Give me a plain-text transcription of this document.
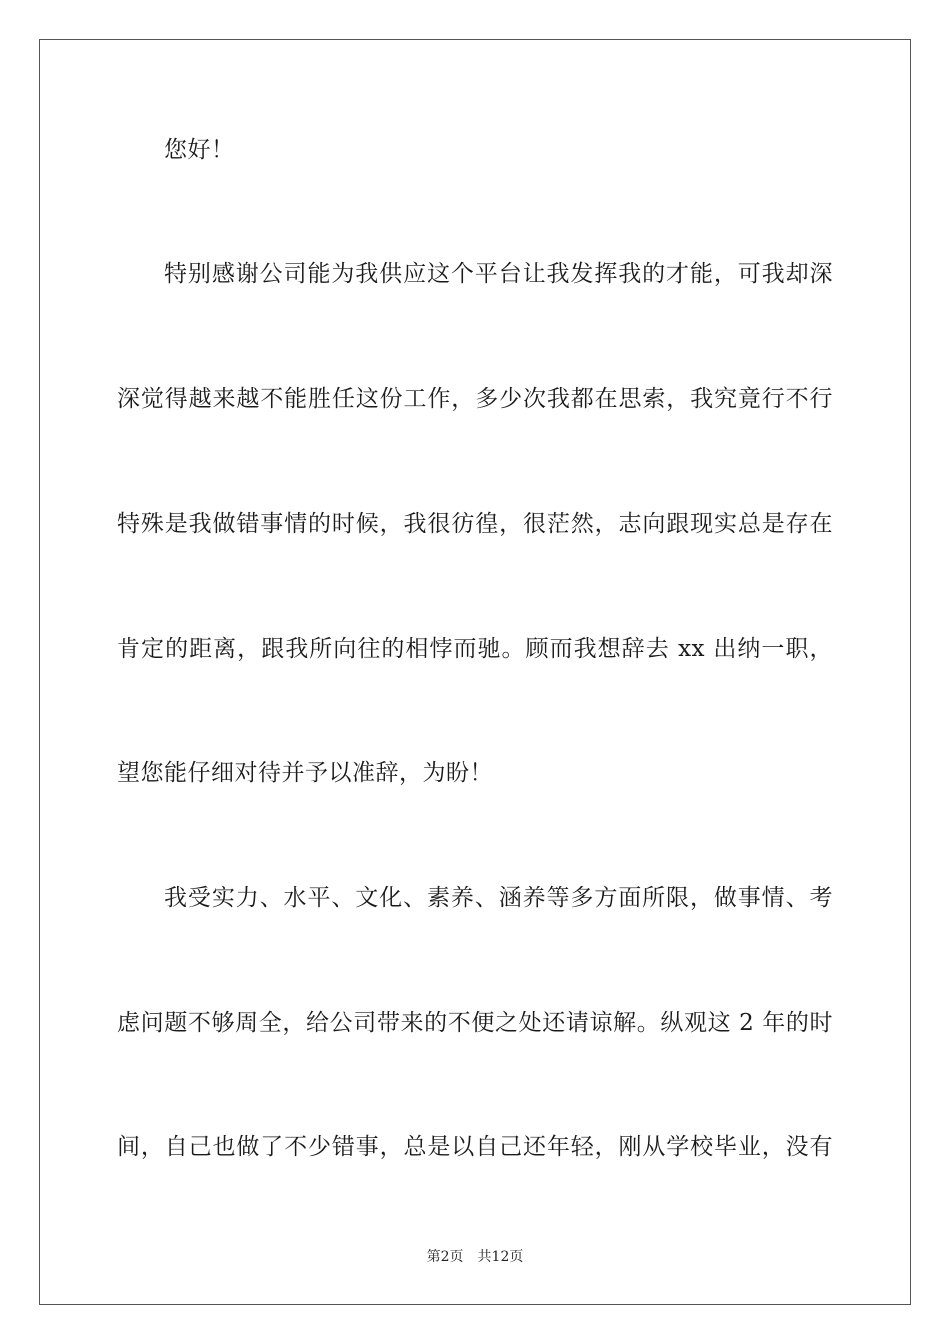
您好！
特别感谢公司能为我供应这个平台让我发挥我的才能，可我却深
深觉得越来越不能胜任这份工作，多少次我都在思索，我究竟行不行
特殊是我做错事情的时候，我很彷徨，很茫然，志向跟现实总是存在
肯定的距离，跟我所向往的相悖而驰。顾而我想辞去 xx 出纳一职，
望您能仔细对待并予以准辞，为盼！
我受实力、水平、文化、素养、涵养等多方面所限，做事情、考
虑问题不够周全，给公司带来的不便之处还请谅解。纵观这 2 年的时
间，自己也做了不少错事，总是以自己还年轻，刚从学校毕业，没有
第2页 共12页
